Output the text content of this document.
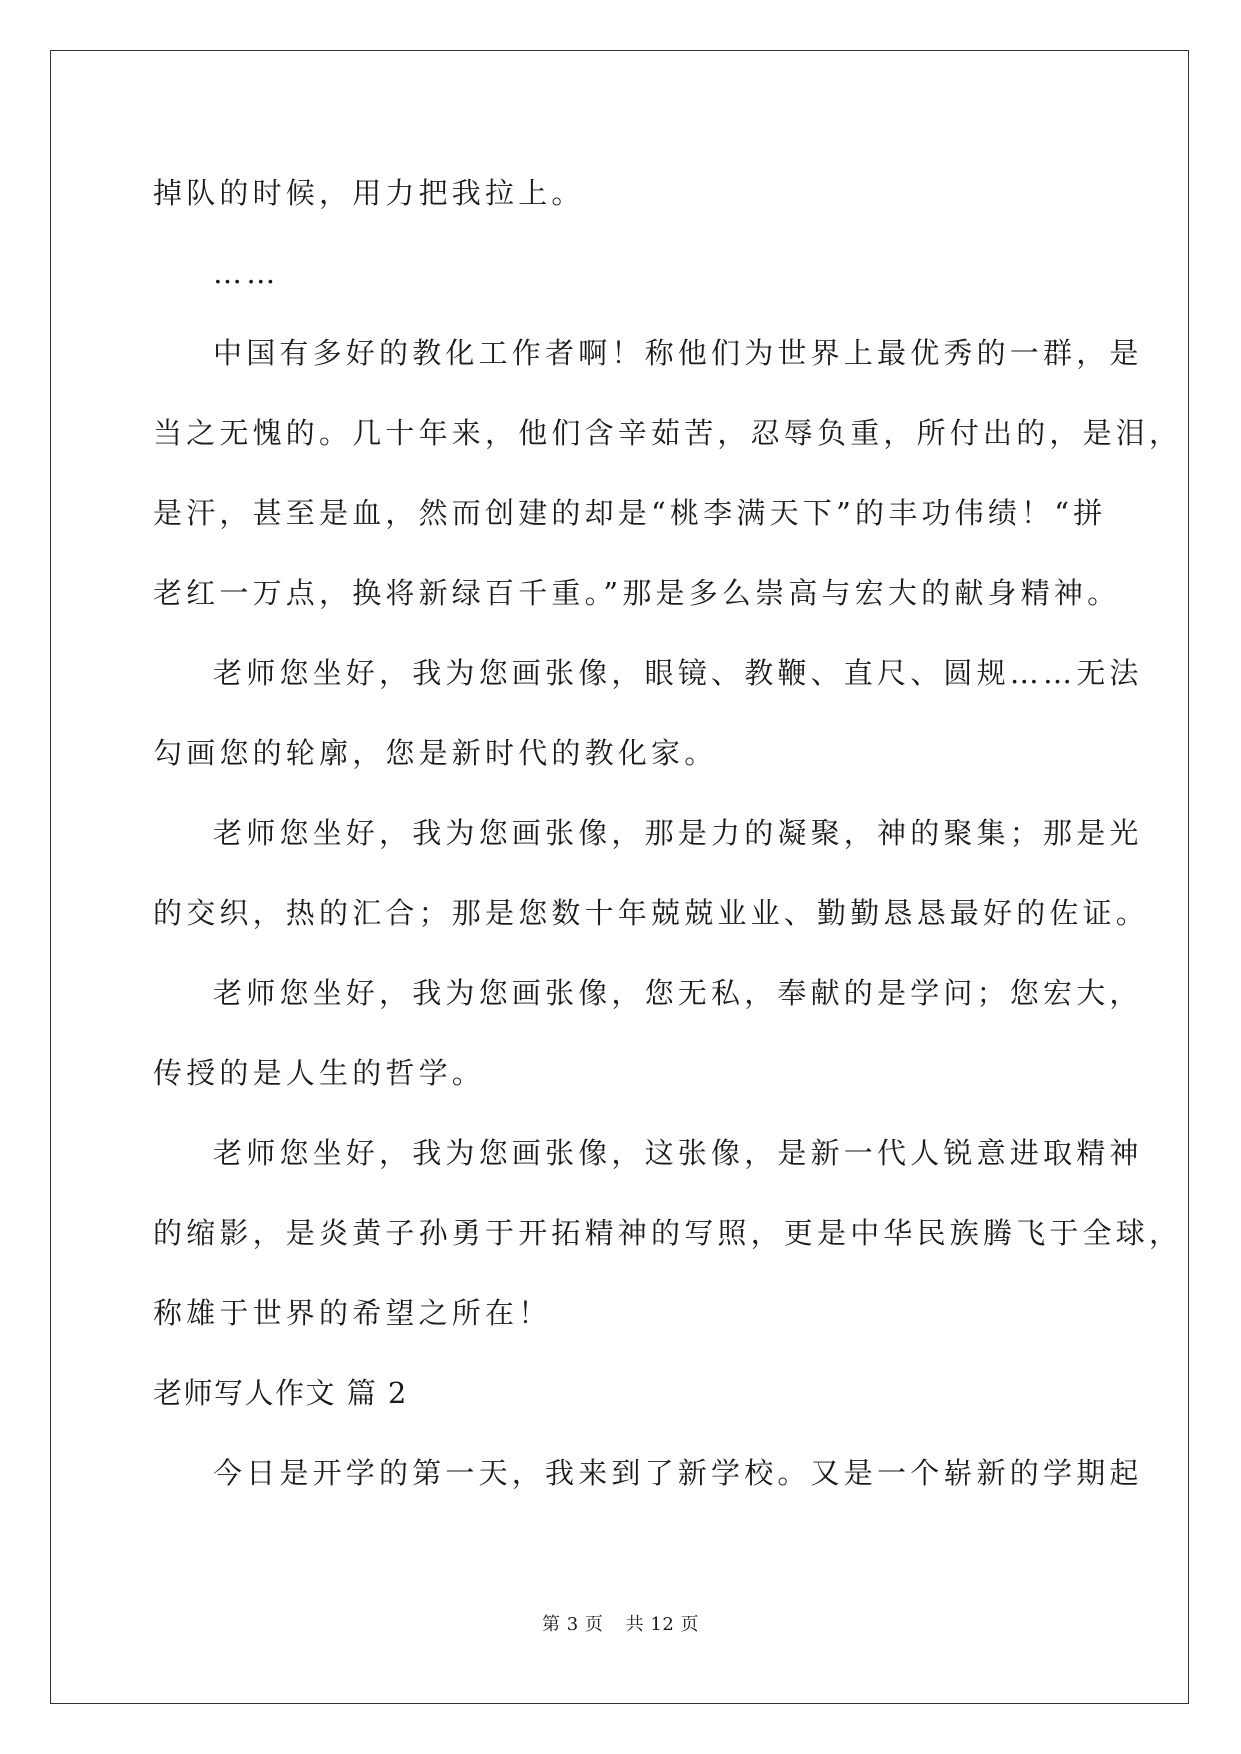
掉队的时候，用力把我拉上。
……
中国有多好的教化工作者啊！称他们为世界上最优秀的一群，是
当之无愧的。几十年来，他们含辛茹苦，忍辱负重，所付出的，是泪，
是汗，甚至是血，然而创建的却是“桃李满天下”的丰功伟绩！“拼
老红一万点，换将新绿百千重。”那是多么崇高与宏大的献身精神。
老师您坐好，我为您画张像，眼镜、教鞭、直尺、圆规……无法
勾画您的轮廓，您是新时代的教化家。
老师您坐好，我为您画张像，那是力的凝聚，神的聚集；那是光
的交织，热的汇合；那是您数十年兢兢业业、勤勤恳恳最好的佐证。
老师您坐好，我为您画张像，您无私，奉献的是学问；您宏大，
传授的是人生的哲学。
老师您坐好，我为您画张像，这张像，是新一代人锐意进取精神
的缩影，是炎黄子孙勇于开拓精神的写照，更是中华民族腾飞于全球，
称雄于世界的希望之所在！
老师写人作文 篇 2
今日是开学的第一天，我来到了新学校。又是一个崭新的学期起
第 3 页 共 12 页
